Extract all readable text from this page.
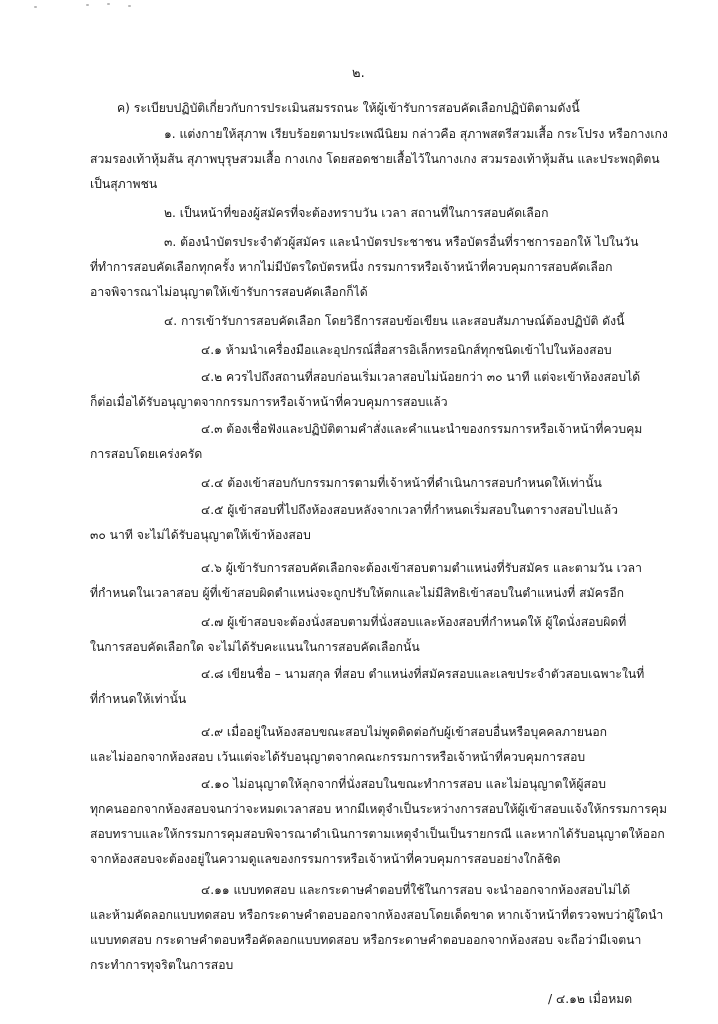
๒.
ค) ระเบียบปฏิบัติเกี่ยวกับการประเมินสมรรถนะ ให้ผู้เข้ารับการสอบคัดเลือกปฏิบัติตามดังนี้
๑. แต่งกายให้สุภาพ เรียบร้อยตามประเพณีนิยม กล่าวคือ สุภาพสตรีสวมเสื้อ กระโปรง หรือกางเกง
สวมรองเท้าหุ้มส้น สุภาพบุรุษสวมเสื้อ กางเกง โดยสอดชายเสื้อไว้ในกางเกง สวมรองเท้าหุ้มส้น และประพฤติตน
เป็นสุภาพชน
๒. เป็นหน้าที่ของผู้สมัครที่จะต้องทราบวัน เวลา สถานที่ในการสอบคัดเลือก
๓. ต้องนำบัตรประจำตัวผู้สมัคร และนำบัตรประชาชน หรือบัตรอื่นที่ราชการออกให้ ไปในวัน
ที่ทำการสอบคัดเลือกทุกครั้ง หากไม่มีบัตรใดบัตรหนึ่ง กรรมการหรือเจ้าหน้าที่ควบคุมการสอบคัดเลือก
อาจพิจารณาไม่อนุญาตให้เข้ารับการสอบคัดเลือกก็ได้
๔. การเข้ารับการสอบคัดเลือก โดยวิธีการสอบข้อเขียน และสอบสัมภาษณ์ต้องปฏิบัติ ดังนี้
๔.๑ ห้ามนำเครื่องมือและอุปกรณ์สื่อสารอิเล็กทรอนิกส์ทุกชนิดเข้าไปในห้องสอบ
๔.๒ ควรไปถึงสถานที่สอบก่อนเริ่มเวลาสอบไม่น้อยกว่า ๓๐ นาที แต่จะเข้าห้องสอบได้
ก็ต่อเมื่อได้รับอนุญาตจากกรรมการหรือเจ้าหน้าที่ควบคุมการสอบแล้ว
๔.๓ ต้องเชื่อฟังและปฏิบัติตามคำสั่งและคำแนะนำของกรรมการหรือเจ้าหน้าที่ควบคุม
การสอบโดยเคร่งครัด
๔.๔ ต้องเข้าสอบกับกรรมการตามที่เจ้าหน้าที่ดำเนินการสอบกำหนดให้เท่านั้น
๔.๕ ผู้เข้าสอบที่ไปถึงห้องสอบหลังจากเวลาที่กำหนดเริ่มสอบในตารางสอบไปแล้ว
๓๐ นาที จะไม่ได้รับอนุญาตให้เข้าห้องสอบ
๔.๖ ผู้เข้ารับการสอบคัดเลือกจะต้องเข้าสอบตามตำแหน่งที่รับสมัคร และตามวัน เวลา
ที่กำหนดในเวลาสอบ ผู้ที่เข้าสอบผิดตำแหน่งจะถูกปรับให้ตกและไม่มีสิทธิเข้าสอบในตำแหน่งที่ สมัครอีก
๔.๗ ผู้เข้าสอบจะต้องนั่งสอบตามที่นั่งสอบและห้องสอบที่กำหนดให้ ผู้ใดนั่งสอบผิดที่
ในการสอบคัดเลือกใด จะไม่ได้รับคะแนนในการสอบคัดเลือกนั้น
๔.๘ เขียนชื่อ – นามสกุล ที่สอบ ตำแหน่งที่สมัครสอบและเลขประจำตัวสอบเฉพาะในที่
ที่กำหนดให้เท่านั้น
๔.๙ เมื่ออยู่ในห้องสอบขณะสอบไม่พูดติดต่อกับผู้เข้าสอบอื่นหรือบุคคลภายนอก
และไม่ออกจากห้องสอบ เว้นแต่จะได้รับอนุญาตจากคณะกรรมการหรือเจ้าหน้าที่ควบคุมการสอบ
๔.๑๐ ไม่อนุญาตให้ลุกจากที่นั่งสอบในขณะทำการสอบ และไม่อนุญาตให้ผู้สอบ
ทุกคนออกจากห้องสอบจนกว่าจะหมดเวลาสอบ หากมีเหตุจำเป็นระหว่างการสอบให้ผู้เข้าสอบแจ้งให้กรรมการคุม
สอบทราบและให้กรรมการคุมสอบพิจารณาดำเนินการตามเหตุจำเป็นเป็นรายกรณี และหากได้รับอนุญาตให้ออก
จากห้องสอบจะต้องอยู่ในความดูแลของกรรมการหรือเจ้าหน้าที่ควบคุมการสอบอย่างใกล้ชิด
๔.๑๑ แบบทดสอบ และกระดาษคำตอบที่ใช้ในการสอบ จะนำออกจากห้องสอบไม่ได้
และห้ามคัดลอกแบบทดสอบ หรือกระดาษคำตอบออกจากห้องสอบโดยเด็ดขาด หากเจ้าหน้าที่ตรวจพบว่าผู้ใดนำ
แบบทดสอบ กระดาษคำตอบหรือคัดลอกแบบทดสอบ หรือกระดาษคำตอบออกจากห้องสอบ จะถือว่ามีเจตนา
กระทำการทุจริตในการสอบ
/ ๔.๑๒ เมื่อหมด
